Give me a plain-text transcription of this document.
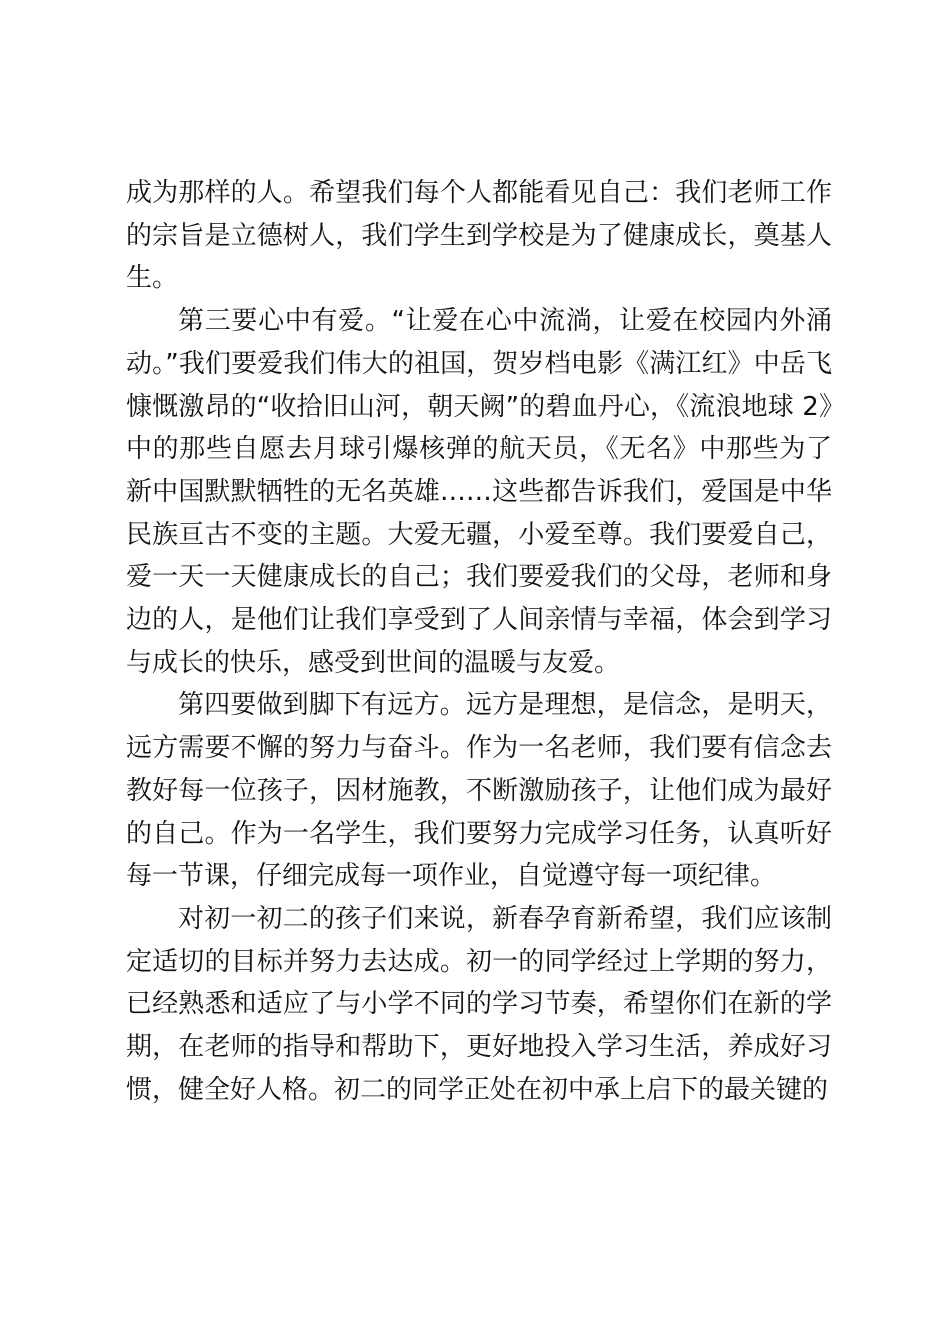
成为那样的人。希望我们每个人都能看见自己：我们老师工作的宗旨是立德树人，我们学生到学校是为了健康成长，奠基人生。

第三要心中有爱。“让爱在心中流淌，让爱在校园内外涌动。”我们要爱我们伟大的祖国，贺岁档电影《满江红》中岳飞慷慨激昂的“收拾旧山河，朝天阙”的碧血丹心，《流浪地球 2》中的那些自愿去月球引爆核弹的航天员，《无名》中那些为了新中国默默牺牲的无名英雄……这些都告诉我们，爱国是中华民族亘古不变的主题。大爱无疆，小爱至尊。我们要爱自己，爱一天一天健康成长的自己；我们要爱我们的父母，老师和身边的人，是他们让我们享受到了人间亲情与幸福，体会到学习与成长的快乐，感受到世间的温暖与友爱。

第四要做到脚下有远方。远方是理想，是信念，是明天，远方需要不懈的努力与奋斗。作为一名老师，我们要有信念去教好每一位孩子，因材施教，不断激励孩子，让他们成为最好的自己。作为一名学生，我们要努力完成学习任务，认真听好每一节课，仔细完成每一项作业，自觉遵守每一项纪律。

对初一初二的孩子们来说，新春孕育新希望，我们应该制定适切的目标并努力去达成。初一的同学经过上学期的努力，已经熟悉和适应了与小学不同的学习节奏，希望你们在新的学期，在老师的指导和帮助下，更好地投入学习生活，养成好习惯，健全好人格。初二的同学正处在初中承上启下的最关键的
